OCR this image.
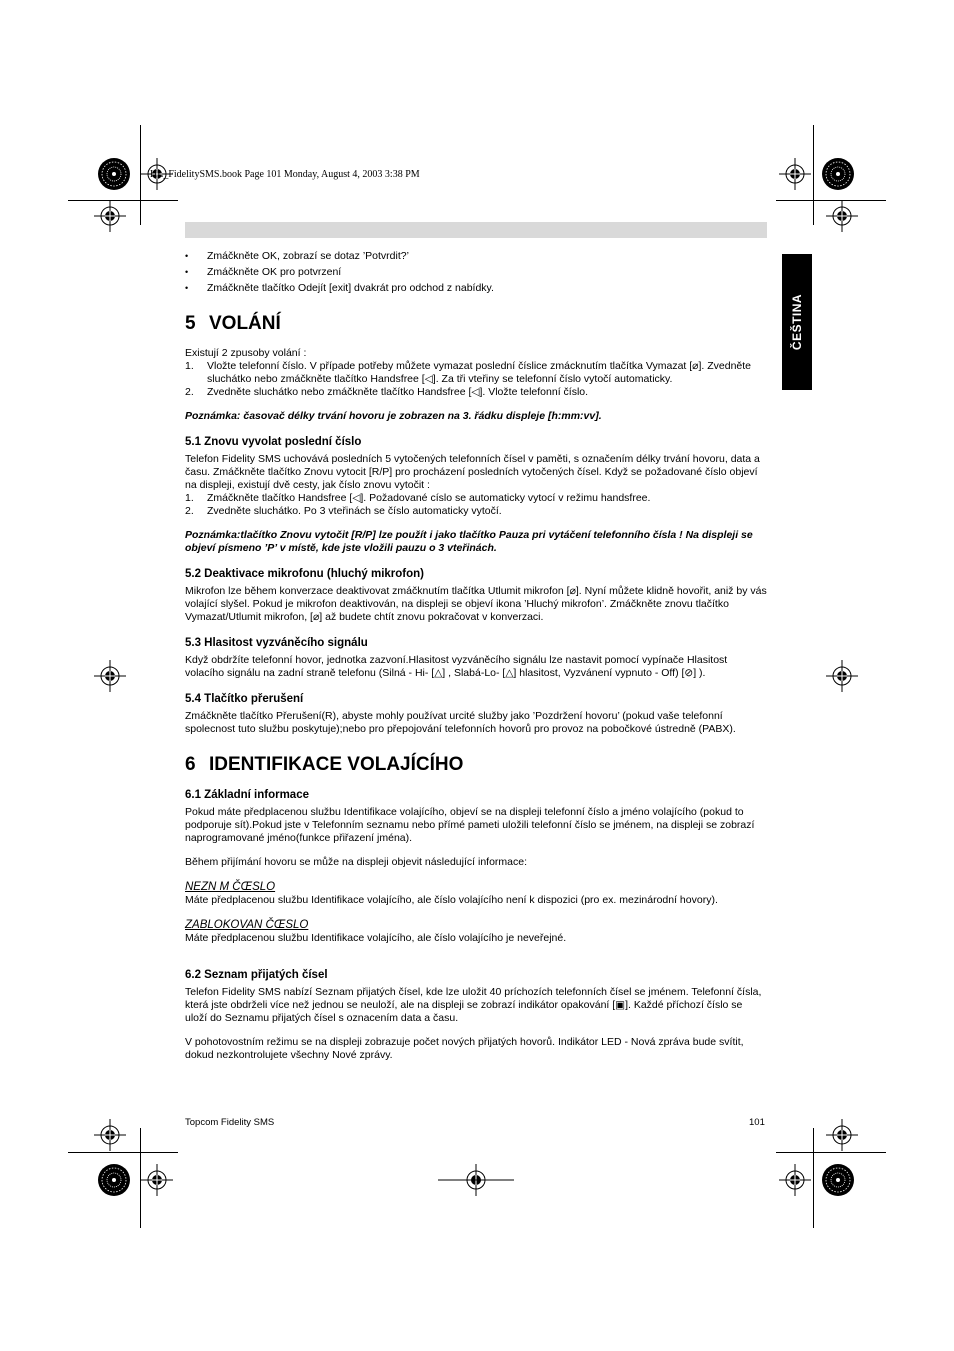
HL_FidelitySMS.book Page 101 Monday, August 4, 2003 3:38 PM
ČEŠTINA
• Zmáčkněte OK, zobrazí se dotaz ’Potvrdit?’
• Zmáčkněte OK pro potvrzení
• Zmáčkněte tlačítko Odejít [exit] dvakrát pro odchod z nabídky.
5 VOLÁNÍ

Existují 2 zpusoby volání :

1. Vložte telefonní číslo. V případe potřeby můžete vymazat poslední číslice zmácknutím tlačítka Vymazat [⌀]. Zvedněte sluchátko nebo zmáčkněte tlačítko Handsfree [◁]. Za tři vteřiny se telefonní číslo vytočí automaticky.
2. Zvedněte sluchátko nebo zmáčkněte tlačítko Handsfree [◁]. Vložte telefonní číslo.

Poznámka: časovač délky trvání hovoru je zobrazen na 3. řádku displeje [h:mm:vv].

5.1 Znovu vyvolat poslední číslo

Telefon Fidelity SMS uchovává posledních 5 vytočených telefonních čísel v paměti, s označením délky trvání hovoru, data a času. Zmáčkněte tlačítko Znovu vytocit [R/P] pro procházení posledních vytočených čísel. Když se požadované číslo objeví na displeji, existují dvě cesty, jak číslo znovu vytočit :

1. Zmáčkněte tlačítko Handsfree [◁]. Požadované císlo se automaticky vytocí v režimu handsfree.
2. Zvedněte sluchátko. Po 3 vteřinách se číslo automaticky vytočí.

Poznámka:tlačítko Znovu vytočit [R/P] lze použít i jako tlačítko Pauza pri vytáčení telefonního čísla ! Na displeji se objeví písmeno ’P’ v místě, kde jste vložili pauzu o 3 vteřinách.

5.2 Deaktivace mikrofonu (hluchý mikrofon)

Mikrofon lze během konverzace deaktivovat zmáčknutím tlačítka Utlumit mikrofon [⌀]. Nyní můžete klidně hovořit, aniž by vás volající slyšel. Pokud je mikrofon deaktivován, na displeji se objeví ikona ’Hluchý mikrofon’. Zmáčkněte znovu tlačítko Vymazat/Utlumit mikrofon, [⌀] až budete chtít znovu pokračovat v konverzaci.

5.3 Hlasitost vyzváněcího signálu

Když obdržíte telefonní hovor, jednotka zazvoní.Hlasitost vyzváněcího signálu lze nastavit pomocí vypínače Hlasitost volacího signálu na zadní straně telefonu (Silná - Hi- [△] , Slabá-Lo- [△] hlasitost, Vyzvánení vypnuto - Off) [⊘] ).

5.4 Tlačítko přerušení

Zmáčkněte tlačítko Přerušení(R), abyste mohly používat urcité služby jako ’Pozdržení hovoru’ (pokud vaše telefonní spolecnost tuto službu poskytuje);nebo pro přepojování telefonních hovorů pro provoz na pobočkové ústredně (PABX).

6 IDENTIFIKACE VOLAJÍCÍHO
6.1 Základní informace

Pokud máte předplacenou službu Identifikace volajícího, objeví se na displeji telefonní číslo a jméno volajícího (pokud to podporuje sít).Pokud jste v Telefonním seznamu nebo přímé pameti uložili telefonní číslo se jménem, na displeji se zobrazí naprogramované jméno(funkce přiřazení jména).

Během přijímání hovoru se může na displeji objevit následující informace:

NEZN M ČŒSLO

Máte předplacenou službu Identifikace volajícího, ale číslo volajícího není k dispozici (pro ex. mezinárodní hovory).

ZABLOKOVAN ČŒSLO

Máte předplacenou službu Identifikace volajícího, ale číslo volajícího je neveřejné.

6.2 Seznam přijatých čísel

Telefon Fidelity SMS nabízí Seznam přijatých čísel, kde lze uložit 40 príchozích telefonních čísel se jménem. Telefonní čísla, která jste obdrželi více než jednou se neuloží, ale na displeji se zobrazí indikátor opakování [▣]. Každé příchozí číslo se uloží do Seznamu přijatých čísel s oznacením data a času.

V pohotovostním režimu se na displeji zobrazuje počet nových přijatých hovorů. Indikátor LED - Nová zpráva bude svítit, dokud nezkontrolujete všechny Nové zprávy.

Topcom Fidelity SMS	101
